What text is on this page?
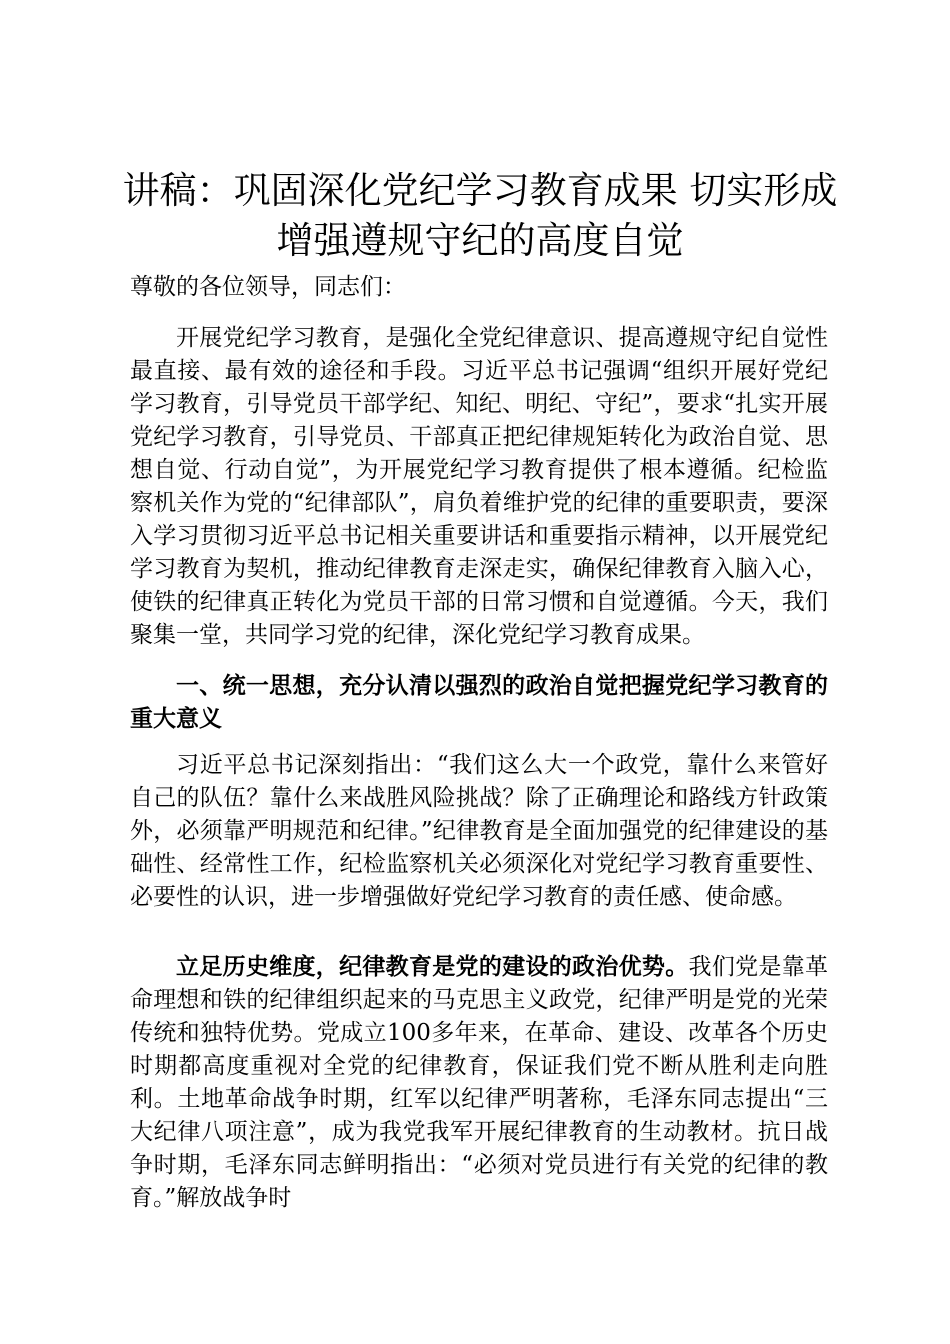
讲稿：巩固深化党纪学习教育成果 切实形成
增强遵规守纪的高度自觉

尊敬的各位领导，同志们：

开展党纪学习教育，是强化全党纪律意识、提高遵规守纪自觉性最直接、最有效的途径和手段。习近平总书记强调“组织开展好党纪学习教育，引导党员干部学纪、知纪、明纪、守纪”，要求“扎实开展党纪学习教育，引导党员、干部真正把纪律规矩转化为政治自觉、思想自觉、行动自觉”，为开展党纪学习教育提供了根本遵循。纪检监察机关作为党的“纪律部队”，肩负着维护党的纪律的重要职责，要深入学习贯彻习近平总书记相关重要讲话和重要指示精神，以开展党纪学习教育为契机，推动纪律教育走深走实，确保纪律教育入脑入心，使铁的纪律真正转化为党员干部的日常习惯和自觉遵循。今天，我们聚集一堂，共同学习党的纪律，深化党纪学习教育成果。

一、统一思想，充分认清以强烈的政治自觉把握党纪学习教育的重大意义

习近平总书记深刻指出：“我们这么大一个政党，靠什么来管好自己的队伍？靠什么来战胜风险挑战？除了正确理论和路线方针政策外，必须靠严明规范和纪律。”纪律教育是全面加强党的纪律建设的基础性、经常性工作，纪检监察机关必须深化对党纪学习教育重要性、必要性的认识，进一步增强做好党纪学习教育的责任感、使命感。

立足历史维度，纪律教育是党的建设的政治优势。我们党是靠革命理想和铁的纪律组织起来的马克思主义政党，纪律严明是党的光荣传统和独特优势。党成立100多年来，在革命、建设、改革各个历史时期都高度重视对全党的纪律教育，保证我们党不断从胜利走向胜利。土地革命战争时期，红军以纪律严明著称，毛泽东同志提出“三大纪律八项注意”，成为我党我军开展纪律教育的生动教材。抗日战争时期，毛泽东同志鲜明指出：“必须对党员进行有关党的纪律的教育。”解放战争时
